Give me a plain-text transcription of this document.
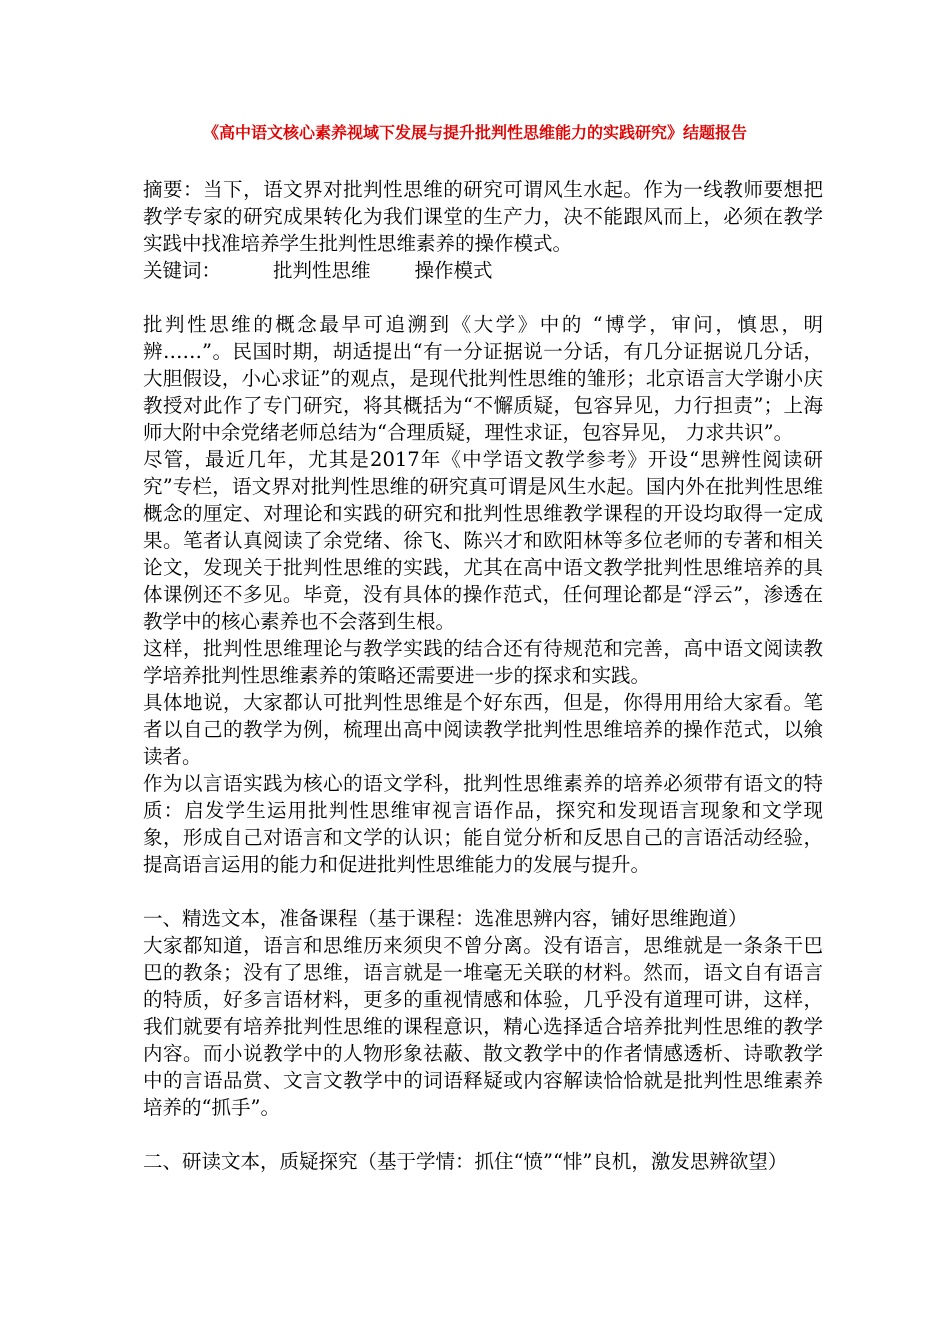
《高中语文核心素养视域下发展与提升批判性思维能力的实践研究》结题报告

摘要：当下，语文界对批判性思维的研究可谓风生水起。作为一线教师要想把教学专家的研究成果转化为我们课堂的生产力，决不能跟风而上，必须在教学实践中找准培养学生批判性思维素养的操作模式。

关键词：	批判性思维 操作模式

批判性思维的概念最早可追溯到《大学》中的 “博学，审问，慎思，明辨……”。民国时期，胡适提出“有一分证据说一分话，有几分证据说几分话，大胆假设，小心求证”的观点，是现代批判性思维的雏形；北京语言大学谢小庆教授对此作了专门研究，将其概括为“不懈质疑，包容异见，力行担责”；上海师大附中余党绪老师总结为“合理质疑，理性求证，包容异见， 力求共识”。

尽管，最近几年，尤其是2017年《中学语文教学参考》开设“思辨性阅读研究”专栏，语文界对批判性思维的研究真可谓是风生水起。国内外在批判性思维概念的厘定、对理论和实践的研究和批判性思维教学课程的开设均取得一定成果。笔者认真阅读了余党绪、徐飞、陈兴才和欧阳林等多位老师的专著和相关论文，发现关于批判性思维的实践，尤其在高中语文教学批判性思维培养的具体课例还不多见。毕竟，没有具体的操作范式，任何理论都是“浮云”，渗透在教学中的核心素养也不会落到生根。

这样，批判性思维理论与教学实践的结合还有待规范和完善，高中语文阅读教学培养批判性思维素养的策略还需要进一步的探求和实践。

具体地说，大家都认可批判性思维是个好东西，但是，你得用用给大家看。笔者以自己的教学为例，梳理出高中阅读教学批判性思维培养的操作范式，以飨读者。

作为以言语实践为核心的语文学科，批判性思维素养的培养必须带有语文的特质：启发学生运用批判性思维审视言语作品，探究和发现语言现象和文学现象，形成自己对语言和文学的认识；能自觉分析和反思自己的言语活动经验，提高语言运用的能力和促进批判性思维能力的发展与提升。

一、精选文本，准备课程（基于课程：选准思辨内容，铺好思维跑道）

大家都知道，语言和思维历来须臾不曾分离。没有语言，思维就是一条条干巴巴的教条；没有了思维，语言就是一堆毫无关联的材料。然而，语文自有语言的特质，好多言语材料，更多的重视情感和体验，几乎没有道理可讲，这样，我们就要有培养批判性思维的课程意识，精心选择适合培养批判性思维的教学内容。而小说教学中的人物形象祛蔽、散文教学中的作者情感透析、诗歌教学中的言语品赏、文言文教学中的词语释疑或内容解读恰恰就是批判性思维素养培养的“抓手”。

二、研读文本，质疑探究（基于学情：抓住“愤”“悱”良机，激发思辨欲望）
